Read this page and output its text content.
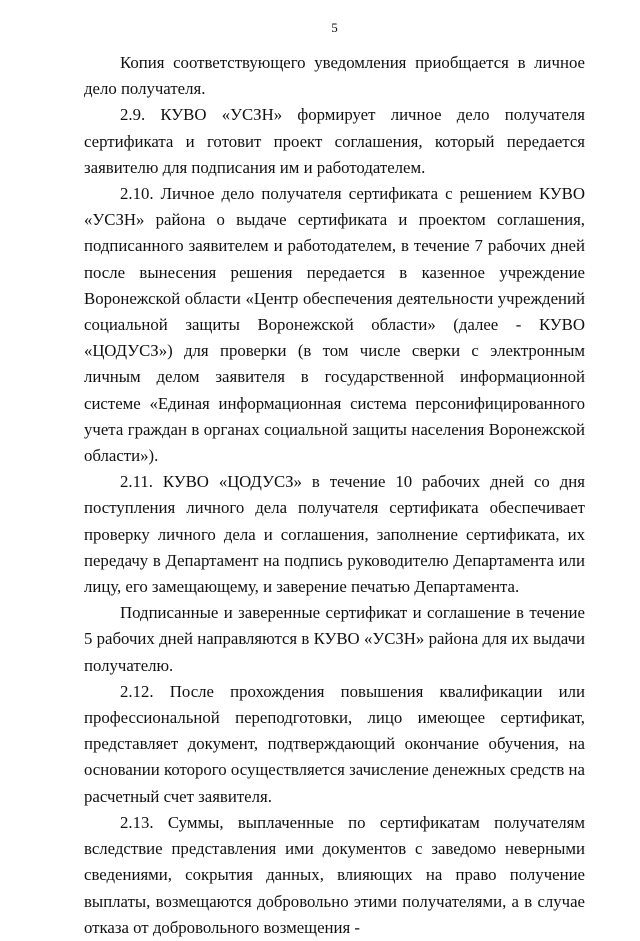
5

Копия соответствующего уведомления приобщается в личное дело получателя.

2.9. КУВО «УСЗН» формирует личное дело получателя сертификата и готовит проект соглашения, который передается заявителю для подписания им и работодателем.

2.10. Личное дело получателя сертификата с решением КУВО «УСЗН» района о выдаче сертификата и проектом соглашения, подписанного заявителем и работодателем, в течение 7 рабочих дней после вынесения решения передается в казенное учреждение Воронежской области «Центр обеспечения деятельности учреждений социальной защиты Воронежской области» (далее - КУВО «ЦОДУСЗ») для проверки (в том числе сверки с электронным личным делом заявителя в государственной информационной системе «Единая информационная система персонифицированного учета граждан в органах социальной защиты населения Воронежской области»).

2.11. КУВО «ЦОДУСЗ» в течение 10 рабочих дней со дня поступления личного дела получателя сертификата обеспечивает проверку личного дела и соглашения, заполнение сертификата, их передачу в Департамент на подпись руководителю Департамента или лицу, его замещающему, и заверение печатью Департамента.

Подписанные и заверенные сертификат и соглашение в течение 5 рабочих дней направляются в КУВО «УСЗН» района для их выдачи получателю.

2.12. После прохождения повышения квалификации или профессиональной переподготовки, лицо имеющее сертификат, представляет документ, подтверждающий окончание обучения, на основании которого осуществляется зачисление денежных средств на расчетный счет заявителя.

2.13. Суммы, выплаченные по сертификатам получателям вследствие представления ими документов с заведомо неверными сведениями, сокрытия данных, влияющих на право получение выплаты, возмещаются добровольно этими получателями, а в случае отказа от добровольного возмещения -
